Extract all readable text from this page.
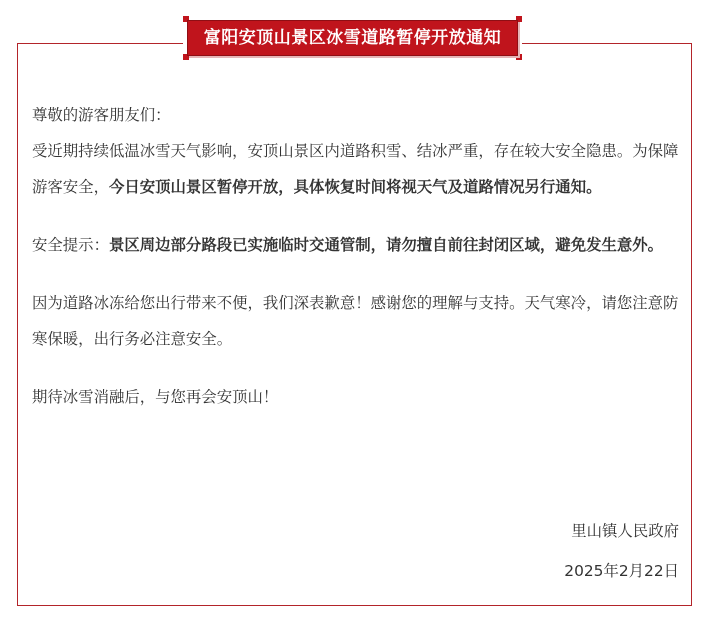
富阳安顶山景区冰雪道路暂停开放通知

尊敬的游客朋友们：

受近期持续低温冰雪天气影响，安顶山景区内道路积雪、结冰严重，存在较大安全隐患。为保障游客安全，今日安顶山景区暂停开放，具体恢复时间将视天气及道路情况另行通知。

安全提示：景区周边部分路段已实施临时交通管制，请勿擅自前往封闭区域，避免发生意外。

因为道路冰冻给您出行带来不便，我们深表歉意！感谢您的理解与支持。天气寒冷，请您注意防寒保暖，出行务必注意安全。

期待冰雪消融后，与您再会安顶山！

里山镇人民政府
2025年2月22日
